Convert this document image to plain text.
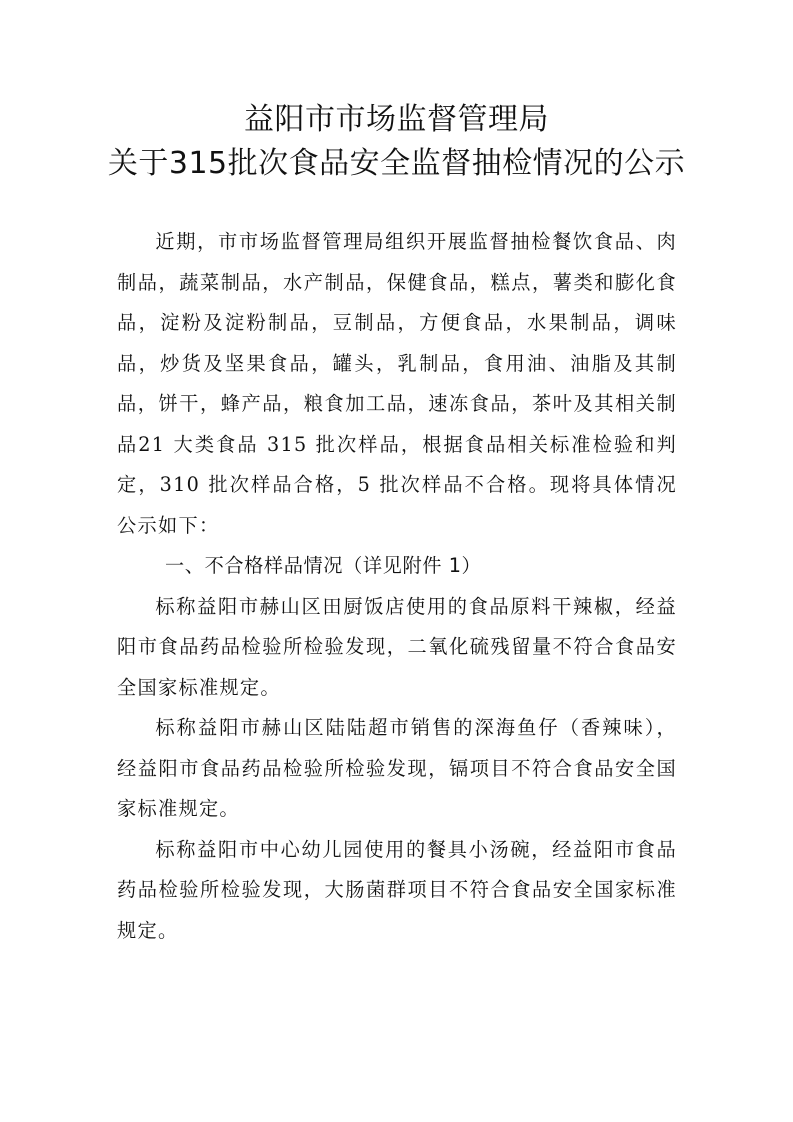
益阳市市场监督管理局
关于315批次食品安全监督抽检情况的公示

近期，市市场监督管理局组织开展监督抽检餐饮食品、肉制品，蔬菜制品，水产制品，保健食品，糕点，薯类和膨化食品，淀粉及淀粉制品，豆制品，方便食品，水果制品，调味品，炒货及坚果食品，罐头，乳制品，食用油、油脂及其制品，饼干，蜂产品，粮食加工品，速冻食品，茶叶及其相关制品21 大类食品 315 批次样品，根据食品相关标准检验和判定，310 批次样品合格，5 批次样品不合格。现将具体情况公示如下：

一、不合格样品情况（详见附件 1）

标称益阳市赫山区田厨饭店使用的食品原料干辣椒，经益阳市食品药品检验所检验发现，二氧化硫残留量不符合食品安全国家标准规定。

标称益阳市赫山区陆陆超市销售的深海鱼仔（香辣味），经益阳市食品药品检验所检验发现，镉项目不符合食品安全国家标准规定。

标称益阳市中心幼儿园使用的餐具小汤碗，经益阳市食品药品检验所检验发现，大肠菌群项目不符合食品安全国家标准规定。
